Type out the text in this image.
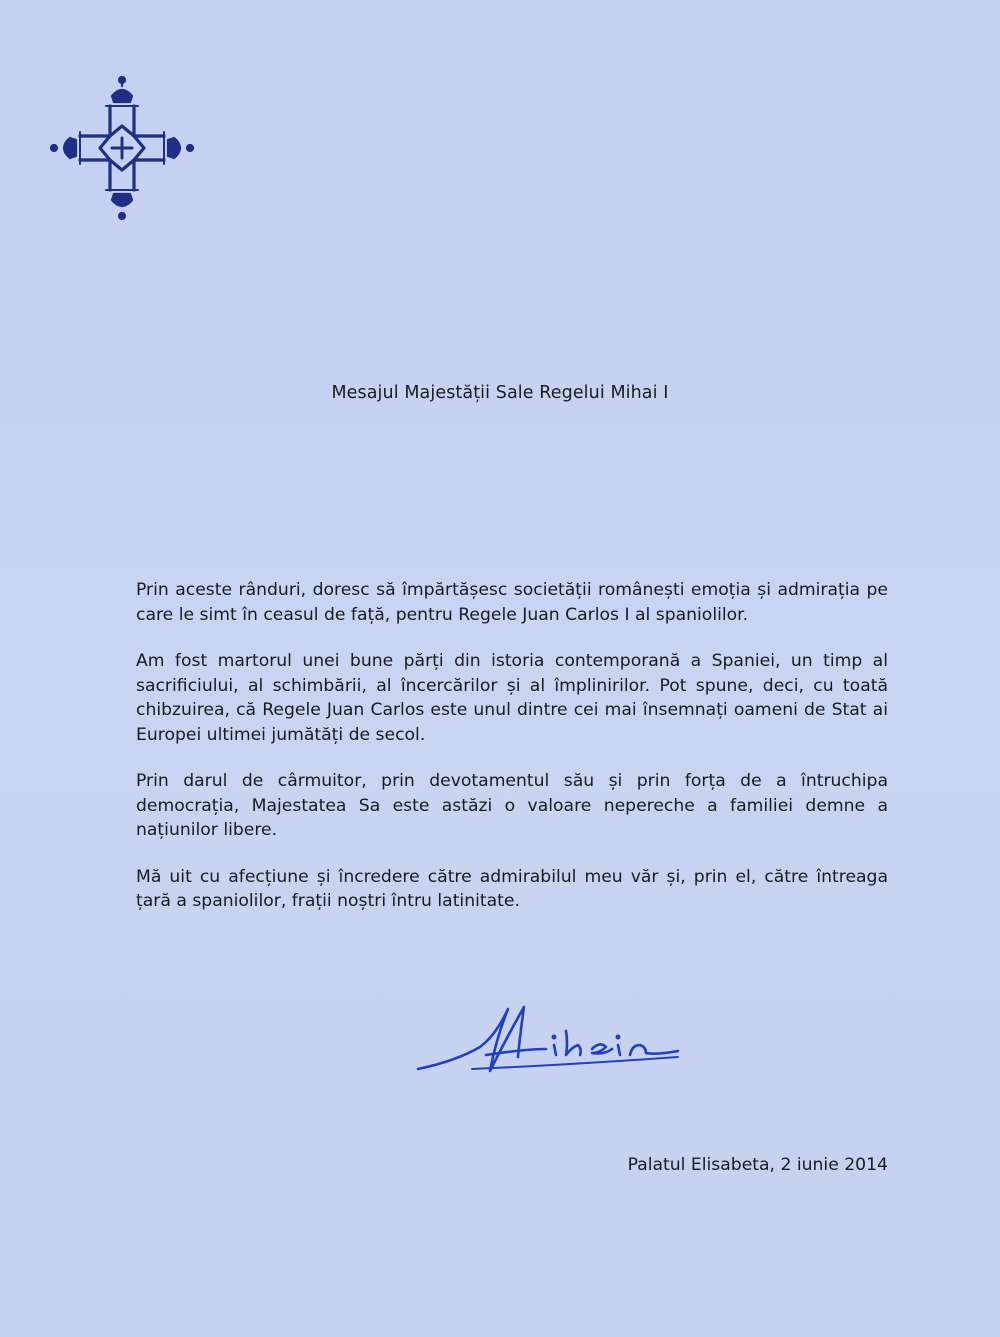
Mesajul Majestății Sale Regelui Mihai I

Prin aceste rânduri, doresc să împărtășesc societății românești emoția și admirația pe care le simt în ceasul de față, pentru Regele Juan Carlos I al spaniolilor.

Am fost martorul unei bune părți din istoria contemporană a Spaniei, un timp al sacrificiului, al schimbării, al încercărilor și al împlinirilor. Pot spune, deci, cu toată chibzuirea, că Regele Juan Carlos este unul dintre cei mai însemnați oameni de Stat ai Europei ultimei jumătăți de secol.

Prin darul de cârmuitor, prin devotamentul său și prin forța de a întruchipa democrația, Majestatea Sa este astăzi o valoare nepereche a familiei demne a națiunilor libere.

Mă uit cu afecțiune și încredere către admirabilul meu văr și, prin el, către întreaga țară a spaniolilor, frații noștri întru latinitate.

Palatul Elisabeta, 2 iunie 2014
